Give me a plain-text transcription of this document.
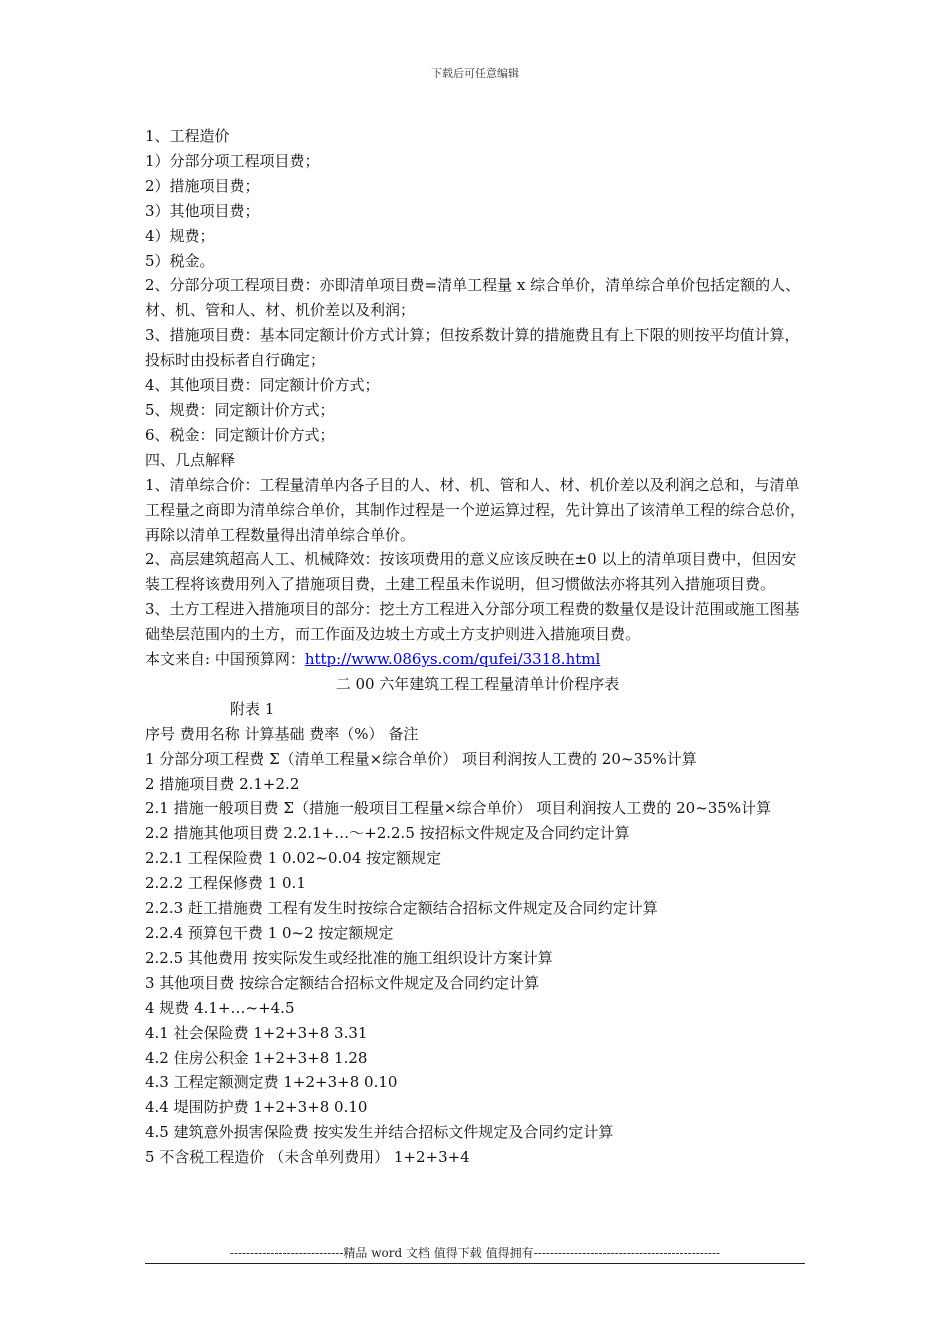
下载后可任意编辑
1、工程造价
1）分部分项工程项目费；
2）措施项目费；
3）其他项目费；
4）规费；
5）税金。
2、分部分项工程项目费：亦即清单项目费=清单工程量 x 综合单价，清单综合单价包括定额的人、材、机、管和人、材、机价差以及利润；
3、措施项目费：基本同定额计价方式计算；但按系数计算的措施费且有上下限的则按平均值计算，投标时由投标者自行确定；
4、其他项目费：同定额计价方式；
5、规费：同定额计价方式；
6、税金：同定额计价方式；
四、几点解释
1、清单综合价：工程量清单内各子目的人、材、机、管和人、材、机价差以及利润之总和，与清单工程量之商即为清单综合单价，其制作过程是一个逆运算过程，先计算出了该清单工程的综合总价，再除以清单工程数量得出清单综合单价。
2、高层建筑超高人工、机械降效：按该项费用的意义应该反映在±0 以上的清单项目费中，但因安装工程将该费用列入了措施项目费，土建工程虽未作说明，但习惯做法亦将其列入措施项目费。
3、土方工程进入措施项目的部分：挖土方工程进入分部分项工程费的数量仅是设计范围或施工图基础垫层范围内的土方，而工作面及边坡土方或土方支护则进入措施项目费。
本文来自: 中国预算网：http://www.086ys.com/qufei/3318.html
二 00 六年建筑工程工程量清单计价程序表
附表 1
序号 费用名称 计算基础 费率（%） 备注
1 分部分项工程费 Σ（清单工程量×综合单价） 项目利润按人工费的 20~35%计算
2 措施项目费 2.1+2.2
2.1 措施一般项目费 Σ（措施一般项目工程量×综合单价） 项目利润按人工费的 20~35%计算
2.2 措施其他项目费 2.2.1+…～+2.2.5 按招标文件规定及合同约定计算
2.2.1 工程保险费 1 0.02~0.04 按定额规定
2.2.2 工程保修费 1 0.1
2.2.3 赶工措施费 工程有发生时按综合定额结合招标文件规定及合同约定计算
2.2.4 预算包干费 1 0~2 按定额规定
2.2.5 其他费用 按实际发生或经批准的施工组织设计方案计算
3 其他项目费 按综合定额结合招标文件规定及合同约定计算
4 规费 4.1+…~+4.5
4.1 社会保险费 1+2+3+8 3.31
4.2 住房公积金 1+2+3+8 1.28
4.3 工程定额测定费 1+2+3+8 0.10
4.4 堤围防护费 1+2+3+8 0.10
4.5 建筑意外损害保险费 按实发生并结合招标文件规定及合同约定计算
5 不含税工程造价 （未含单列费用） 1+2+3+4
----------------------------精品 word 文档 值得下载 值得拥有----------------------------------------------
